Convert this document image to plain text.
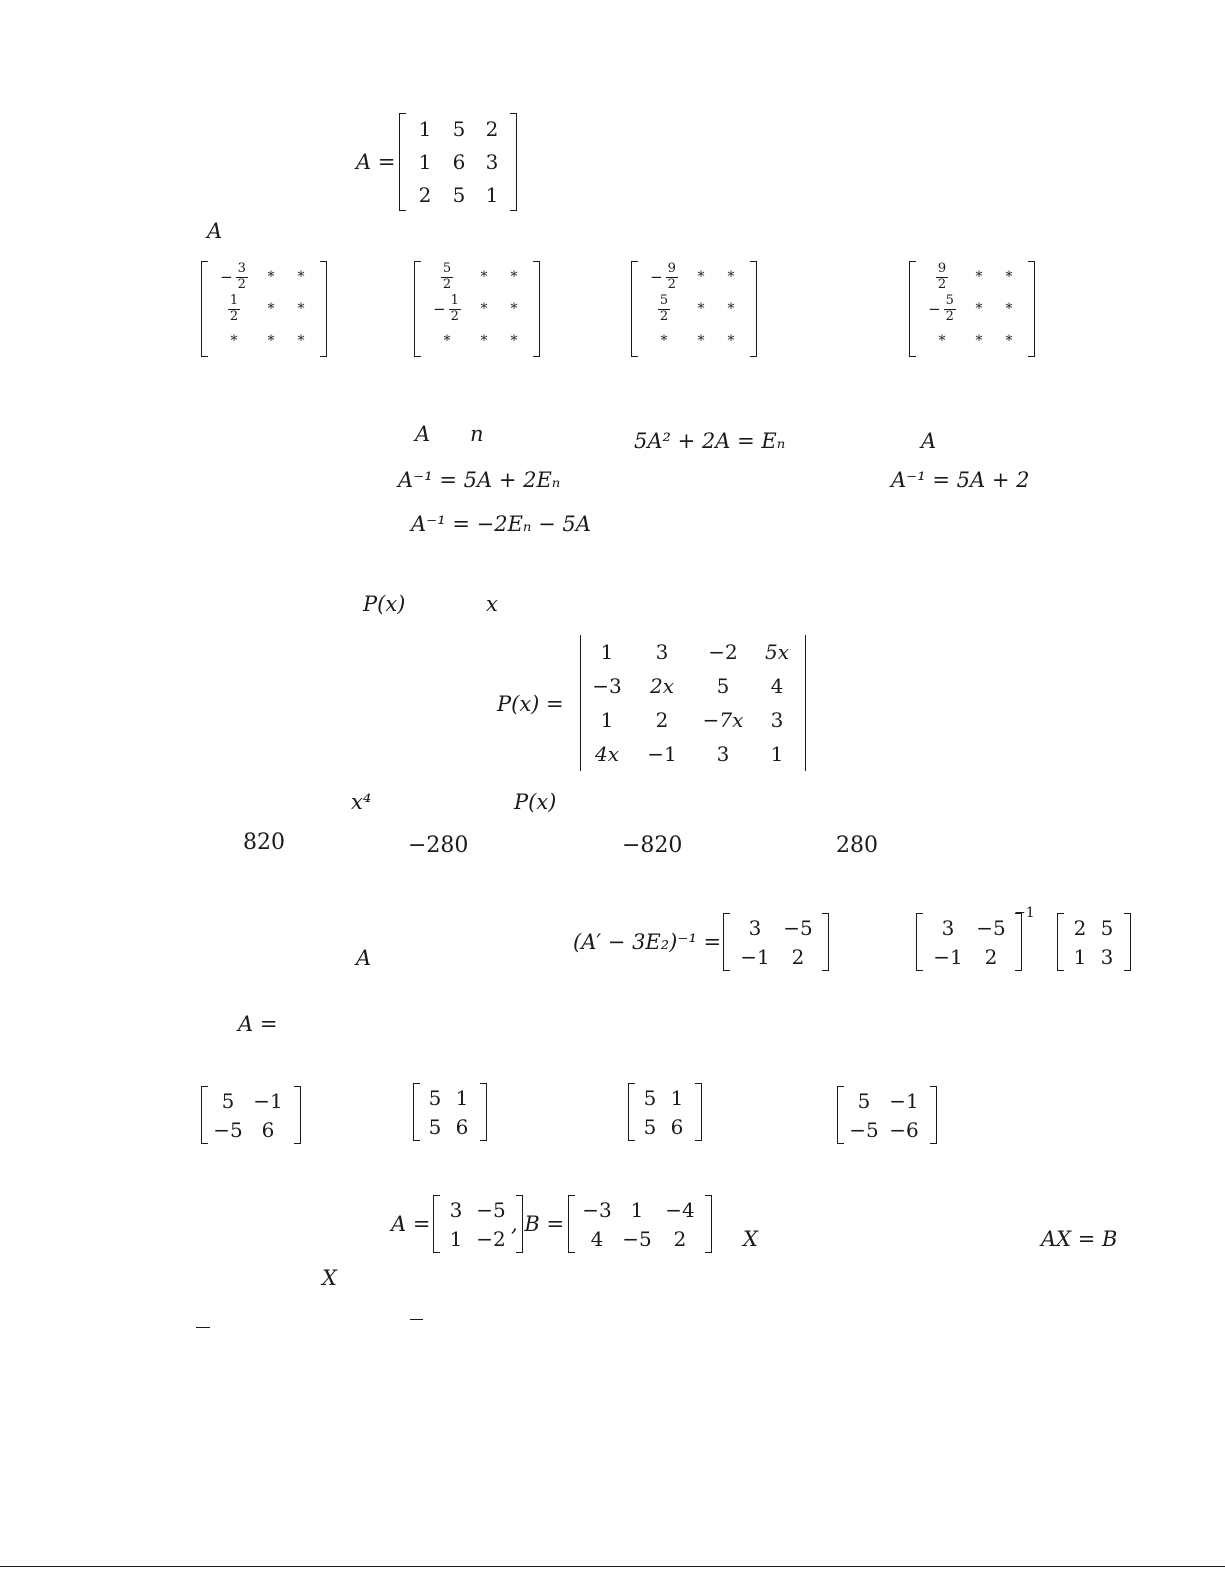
A =
1 5 2
1 6 3
2 5 1
A
− $\frac{3}{2}$ * *
$\frac{1}{2}$ * *
* * *
$\frac{5}{2}$ * *
− $\frac{1}{2}$ * *
* * *
− $\frac{9}{2}$ * *
$\frac{5}{2}$ * *
* * *
$\frac{9}{2}$ * *
− $\frac{5}{2}$ * *
* * *
A n	5A² + 2A = Eₙ	A
A⁻¹ = 5A + 2Eₙ	A⁻¹ = 5A + 2
A⁻¹ = −2Eₙ − 5A
P(x)	x
P(x) =
1 3 −2 5x
−3 2x 5 4
1 2 −7x 3
4x −1 3 1
x⁴	P(x)
820	−280	−820	280
A
(A′ − 3E₂)⁻¹ =
3 −5
−1 2
3 −5
−1 2
−1
2 5
1 3
A =
5 −1
−5 6
5 1
5 6
5 1
5 6
5 −1
−5 −6
A =
3 −5
1 −2
, B =
−3 1 −4
4 −5 2	X	AX = B
X
